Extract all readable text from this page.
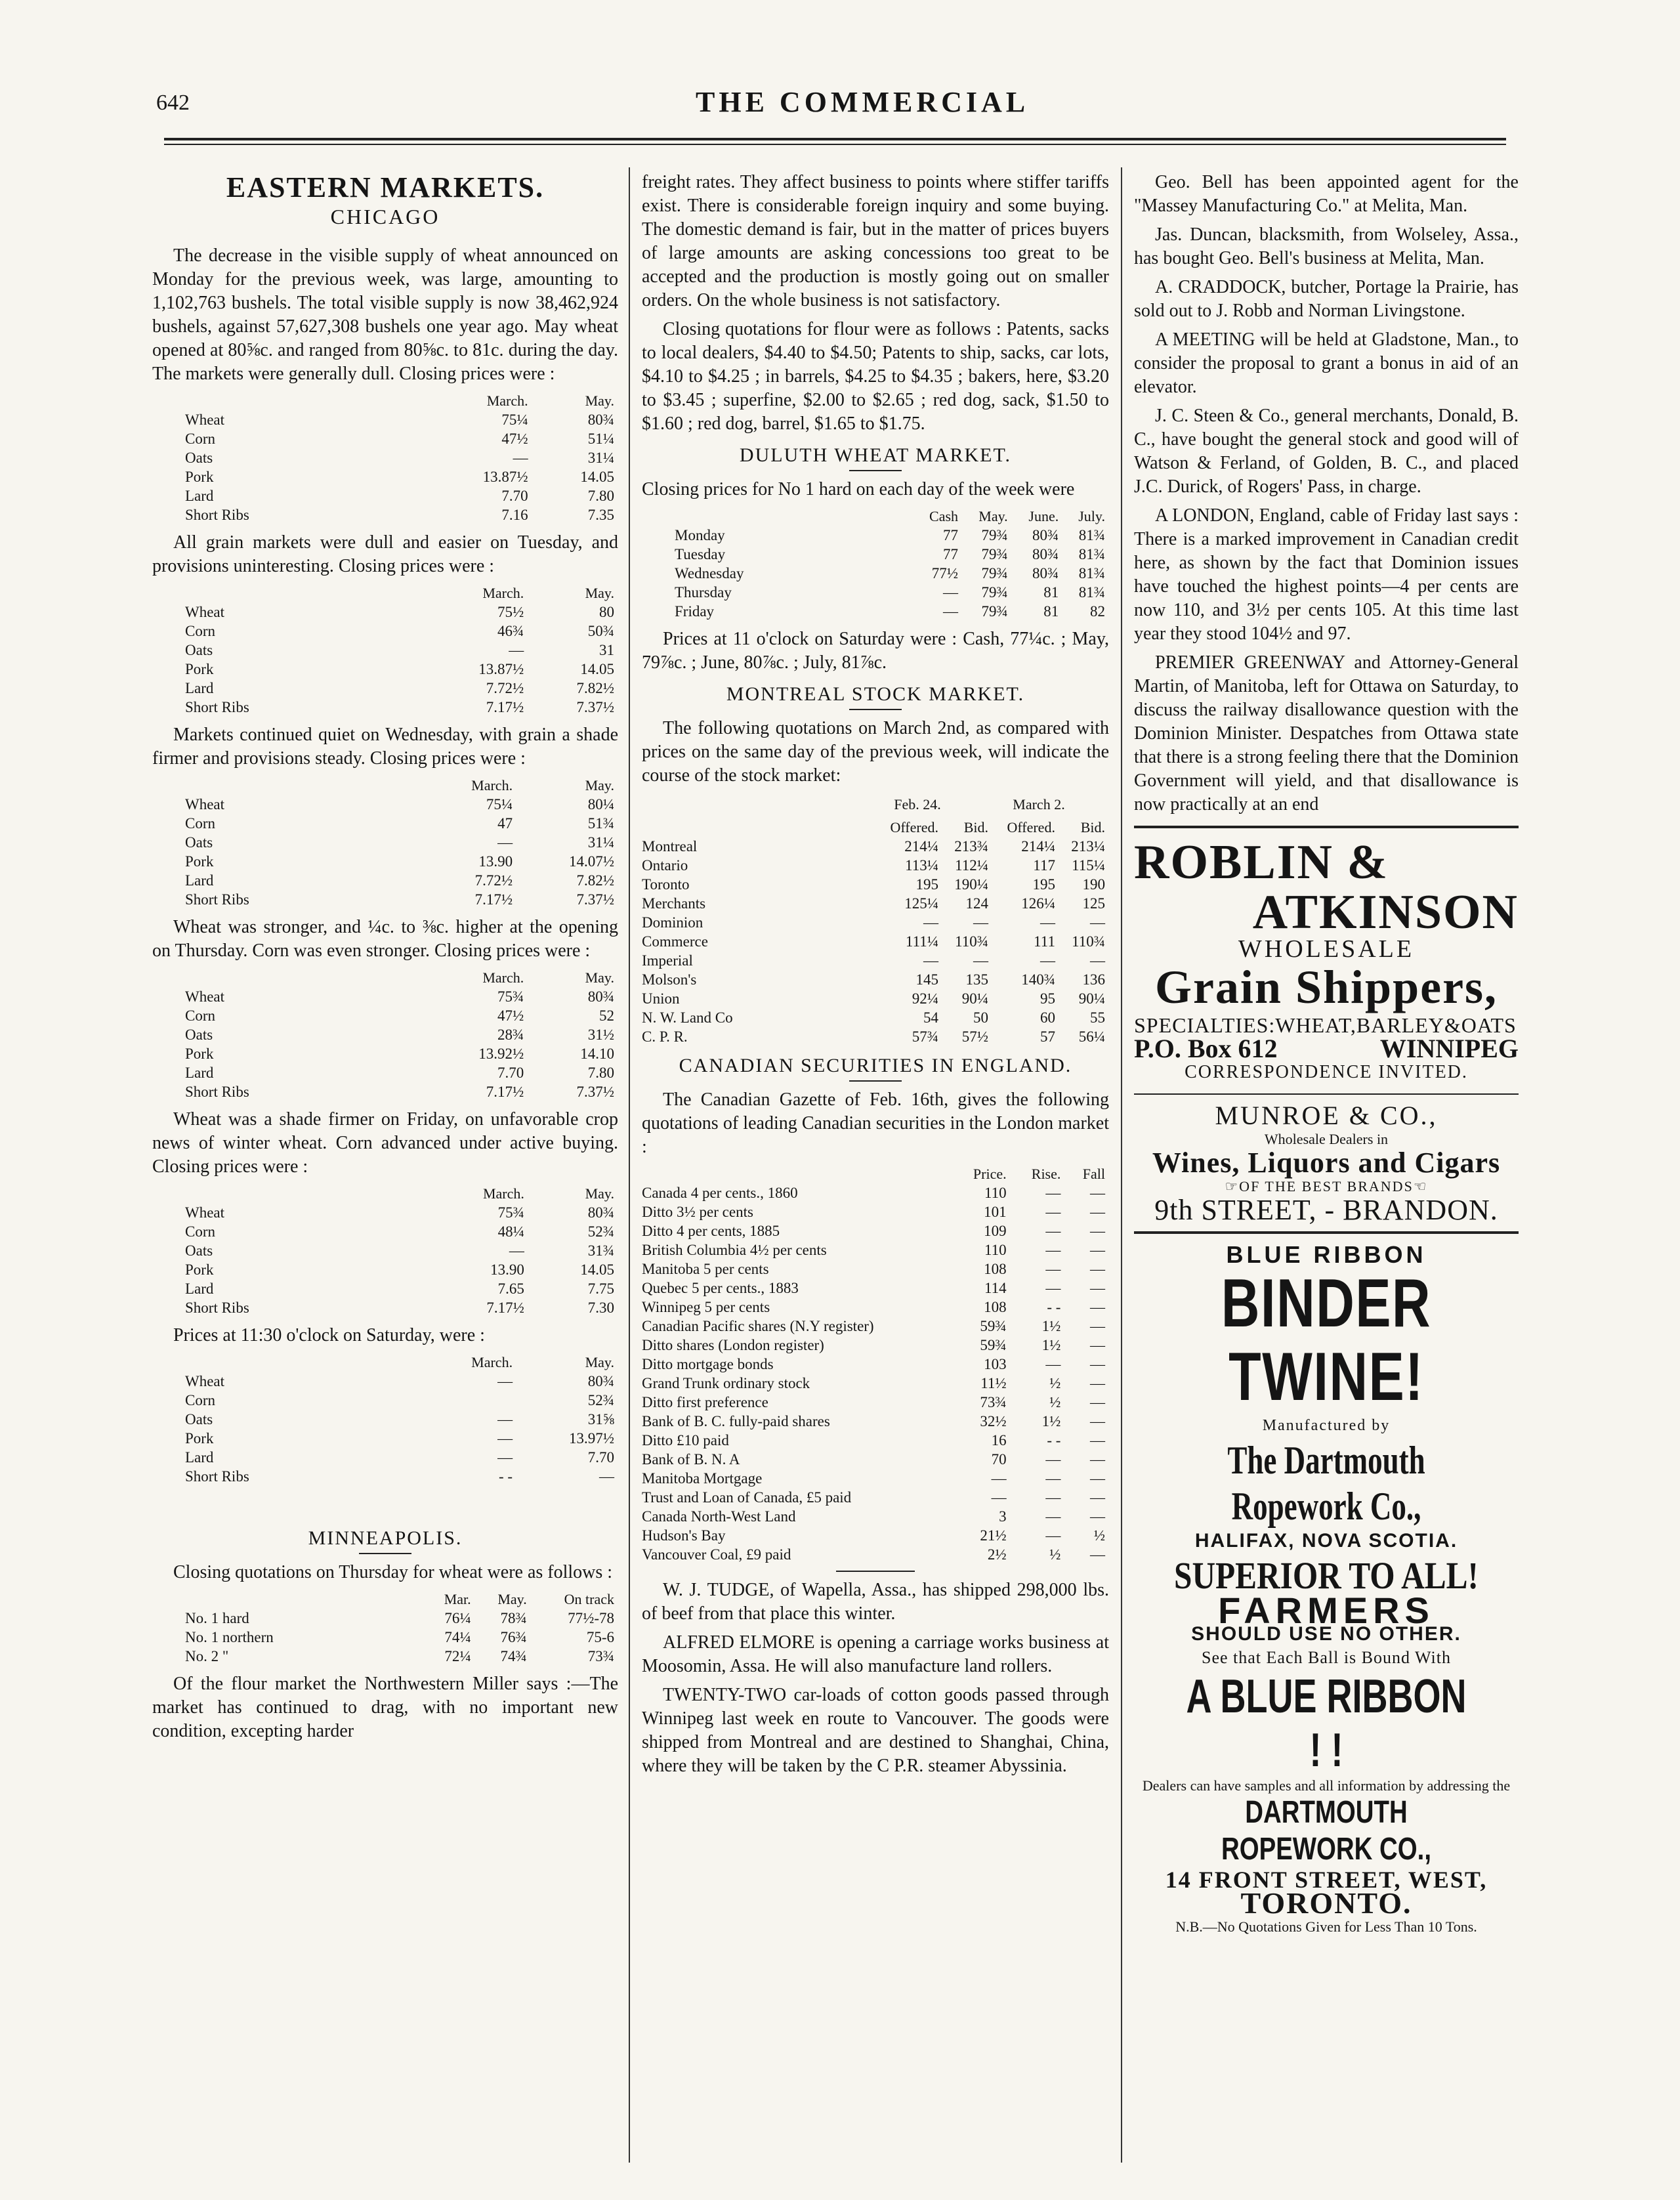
642	THE COMMERCIAL
EASTERN MARKETS.
CHICAGO

The decrease in the visible supply of wheat announced on Monday for the previous week, was large, amounting to 1,102,763 bushels. The total visible supply is now 38,462,924 bushels, against 57,627,308 bushels one year ago. May wheat opened at 80⅝c. and ranged from 80⅝c. to 81c. during the day. The markets were generally dull. Closing prices were :

	March.	May.
Wheat	75¼	80¾
Corn	47½	51¼
Oats	—	31¼
Pork	13.87½	14.05
Lard	7.70	7.80
Short Ribs	7.16	7.35

All grain markets were dull and easier on Tuesday, and provisions uninteresting. Closing prices were :

	March.	May.
Wheat	75½	80
Corn	46¾	50¾
Oats	—	31
Pork	13.87½	14.05
Lard	7.72½	7.82½
Short Ribs	7.17½	7.37½

Markets continued quiet on Wednesday, with grain a shade firmer and provisions steady. Closing prices were :

	March.	May.
Wheat	75¼	80¼
Corn	47	51¾
Oats	—	31¼
Pork	13.90	14.07½
Lard	7.72½	7.82½
Short Ribs	7.17½	7.37½

Wheat was stronger, and ¼c. to ⅜c. higher at the opening on Thursday. Corn was even stronger. Closing prices were :

	March.	May.
Wheat	75¾	80¾
Corn	47½	52
Oats	28¾	31½
Pork	13.92½	14.10
Lard	7.70	7.80
Short Ribs	7.17½	7.37½

Wheat was a shade firmer on Friday, on unfavorable crop news of winter wheat. Corn advanced under active buying. Closing prices were :

	March.	May.
Wheat	75¾	80¾
Corn	48¼	52¾
Oats	—	31¾
Pork	13.90	14.05
Lard	7.65	7.75
Short Ribs	7.17½	7.30

Prices at 11:30 o'clock on Saturday, were :

	March.	May.
Wheat	—	80¾
Corn		52¾
Oats	—	31⅝
Pork	—	13.97½
Lard	—	7.70
Short Ribs	- -	—
MINNEAPOLIS.

Closing quotations on Thursday for wheat were as follows :

	Mar.	May.	On track
No. 1 hard	76¼	78¾	77½-78
No. 1 northern	74¼	76¾	75-6
No. 2 "	72¼	74¾	73¾

Of the flour market the Northwestern Miller says :—The market has continued to drag, with no important new condition, excepting harder

freight rates. They affect business to points where stiffer tariffs exist. There is considerable foreign inquiry and some buying. The domestic demand is fair, but in the matter of prices buyers of large amounts are asking concessions too great to be accepted and the production is mostly going out on smaller orders. On the whole business is not satisfactory.

Closing quotations for flour were as follows : Patents, sacks to local dealers, $4.40 to $4.50; Patents to ship, sacks, car lots, $4.10 to $4.25 ; in barrels, $4.25 to $4.35 ; bakers, here, $3.20 to $3.45 ; superfine, $2.00 to $2.65 ; red dog, sack, $1.50 to $1.60 ; red dog, barrel, $1.65 to $1.75.

DULUTH WHEAT MARKET.

Closing prices for No 1 hard on each day of the week were

	Cash	May.	June.	July.
Monday	77	79¾	80¾	81¾
Tuesday	77	79¾	80¾	81¾
Wednesday	77½	79¾	80¾	81¾
Thursday	—	79¾	81	81¾
Friday	—	79¾	81	82

Prices at 11 o'clock on Saturday were : Cash, 77¼c. ; May, 79⅞c. ; June, 80⅞c. ; July, 81⅞c.

MONTREAL STOCK MARKET.

The following quotations on March 2nd, as compared with prices on the same day of the previous week, will indicate the course of the stock market:

Feb. 24.	March 2.
	Offered.	Bid.	Offered.	Bid.
Montreal	214¼	213¾	214¼	213¼
Ontario	113¼	112¼	117	115¼
Toronto	195	190¼	195	190
Merchants	125¼	124	126¼	125
Dominion	—	—	—	—
Commerce	111¼	110¾	111	110¾
Imperial	—	—	—	—
Molson's	145	135	140¾	136
Union	92¼	90¼	95	90¼
N. W. Land Co	54	50	60	55
C. P. R.	57¾	57½	57	56¼
CANADIAN SECURITIES IN ENGLAND.

The Canadian Gazette of Feb. 16th, gives the following quotations of leading Canadian securities in the London market :

	Price.	Rise.	Fall
Canada 4 per cents., 1860	110	—	—
Ditto 3½ per cents	101	—	—
Ditto 4 per cents, 1885	109	—	—
British Columbia 4½ per cents	110	—	—
Manitoba 5 per cents	108	—	—
Quebec 5 per cents., 1883	114	—	—
Winnipeg 5 per cents	108	- -	—
Canadian Pacific shares (N.Y register)	59¾	1½	—
Ditto shares (London register)	59¾	1½	—
Ditto mortgage bonds	103	—	—
Grand Trunk ordinary stock	11½	½	—
Ditto first preference	73¾	½	—
Bank of B. C. fully-paid shares	32½	1½	—
Ditto £10 paid	16	- -	—
Bank of B. N. A	70	—	—
Manitoba Mortgage	—	—	—
Trust and Loan of Canada, £5 paid	—	—	—
Canada North-West Land	3	—	—
Hudson's Bay	21½	—	½
Vancouver Coal, £9 paid	2½	½	—

W. J. TUDGE, of Wapella, Assa., has shipped 298,000 lbs. of beef from that place this winter.

ALFRED ELMORE is opening a carriage works business at Moosomin, Assa. He will also manufacture land rollers.

TWENTY-TWO car-loads of cotton goods passed through Winnipeg last week en route to Vancouver. The goods were shipped from Montreal and are destined to Shanghai, China, where they will be taken by the C P.R. steamer Abyssinia.

Geo. Bell has been appointed agent for the "Massey Manufacturing Co." at Melita, Man.

Jas. Duncan, blacksmith, from Wolseley, Assa., has bought Geo. Bell's business at Melita, Man.

A. CRADDOCK, butcher, Portage la Prairie, has sold out to J. Robb and Norman Livingstone.

A MEETING will be held at Gladstone, Man., to consider the proposal to grant a bonus in aid of an elevator.

J. C. Steen & Co., general merchants, Donald, B. C., have bought the general stock and good will of Watson & Ferland, of Golden, B. C., and placed J.C. Durick, of Rogers' Pass, in charge.

A LONDON, England, cable of Friday last says : There is a marked improvement in Canadian credit here, as shown by the fact that Dominion issues have touched the highest points—4 per cents are now 110, and 3½ per cents 105. At this time last year they stood 104½ and 97.

PREMIER GREENWAY and Attorney-General Martin, of Manitoba, left for Ottawa on Saturday, to discuss the railway disallowance question with the Dominion Minister. Despatches from Ottawa state that there is a strong feeling there that the Dominion Government will yield, and that disallowance is now practically at an end

ROBLIN &
ATKINSON
WHOLESALE
Grain Shippers,
SPECIALTIES:WHEAT,BARLEY&OATS
P.O. Box 612	WINNIPEG
CORRESPONDENCE INVITED.
MUNROE & CO.,
Wholesale Dealers in
Wines, Liquors and Cigars
☞OF THE BEST BRANDS☜
9th STREET, - BRANDON.
BLUE RIBBON
BINDER TWINE!
Manufactured by
The Dartmouth Ropework Co.,
HALIFAX, NOVA SCOTIA.
SUPERIOR TO ALL!
FARMERS
SHOULD USE NO OTHER.
See that Each Ball is Bound With
A BLUE RIBBON ! !
Dealers can have samples and all information by addressing the
DARTMOUTH ROPEWORK CO.,
14 FRONT STREET, WEST,
TORONTO.
N.B.—No Quotations Given for Less Than 10 Tons.
